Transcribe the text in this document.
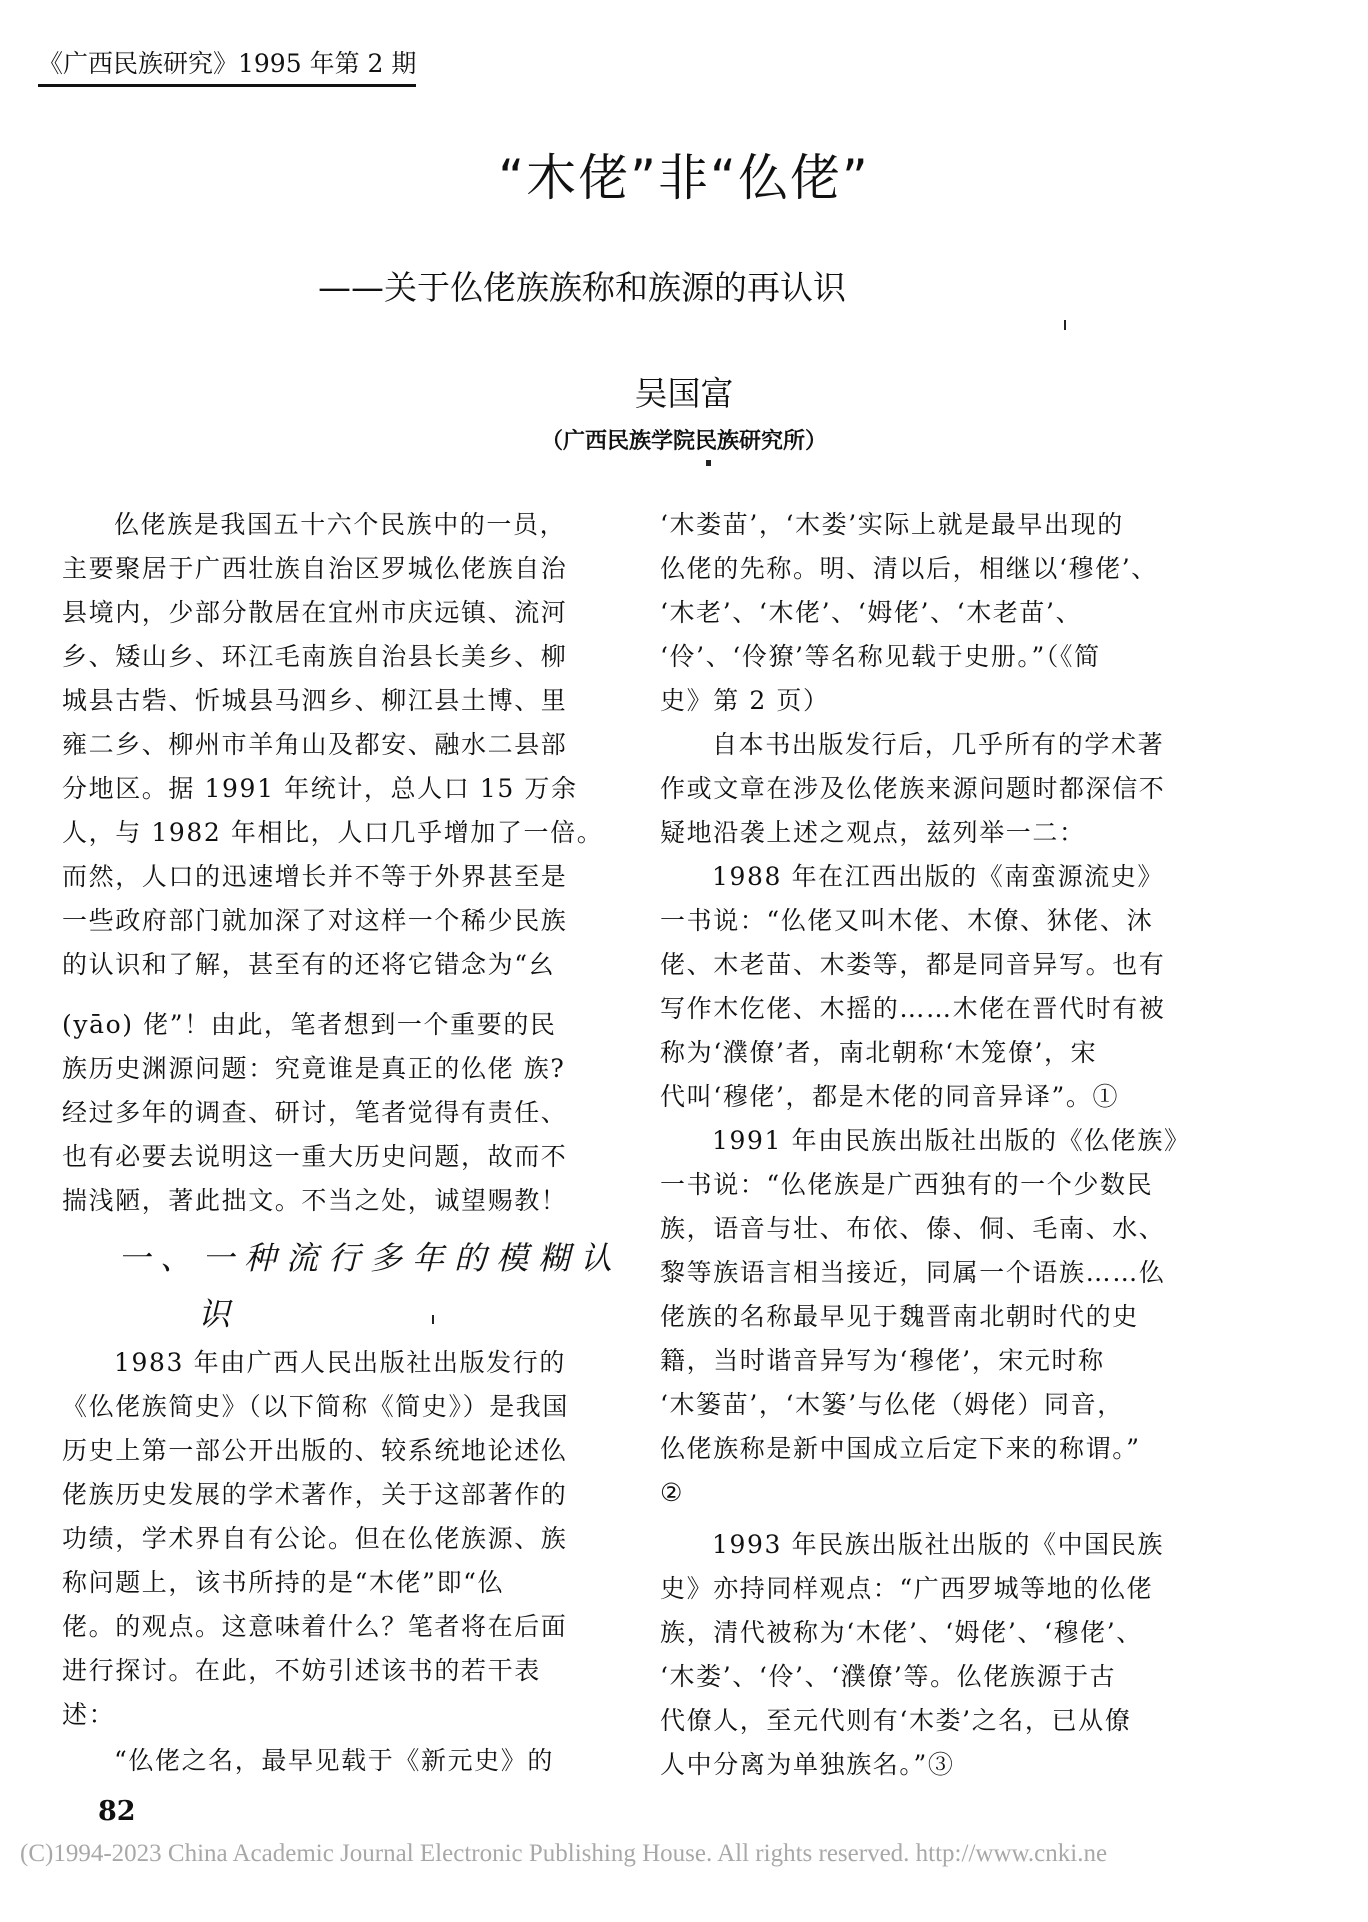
《广西民族研究》1995 年第 2 期
“木佬”非“仫佬”
——关于仫佬族族称和族源的再认识
吴国富
（广西民族学院民族研究所）
仫佬族是我国五十六个民族中的一员，
主要聚居于广西壮族自治区罗城仫佬族自治
县境内，少部分散居在宜州市庆远镇、流河
乡、矮山乡、环江毛南族自治县长美乡、柳
城县古砦、忻城县马泗乡、柳江县土博、里
雍二乡、柳州市羊角山及都安、融水二县部
分地区。据 1991 年统计，总人口 15 万余
人，与 1982 年相比，人口几乎增加了一倍。
而然，人口的迅速增长并不等于外界甚至是
一些政府部门就加深了对这样一个稀少民族
的认识和了解，甚至有的还将它错念为“幺
(yāo) 佬”！由此，笔者想到一个重要的民
族历史渊源问题：究竟谁是真正的仫佬 族?
经过多年的调查、研讨，笔者觉得有责任、
也有必要去说明这一重大历史问题，故而不
揣浅陋，著此拙文。不当之处，诚望赐教！
一、一种流行多年的模糊认
识
1983 年由广西人民出版社出版发行的
《仫佬族简史》（以下简称《简史》）是我国
历史上第一部公开出版的、较系统地论述仫
佬族历史发展的学术著作，关于这部著作的
功绩，学术界自有公论。但在仫佬族源、族
称问题上，该书所持的是“木佬”即“仫
佬。的观点。这意味着什么？笔者将在后面
进行探讨。在此，不妨引述该书的若干表
述：
“仫佬之名，最早见载于《新元史》的
‘木娄苗’，‘木娄’实际上就是最早出现的
仫佬的先称。明、清以后，相继以‘穆佬’、
‘木老’、‘木佬’、‘姆佬’、‘木老苗’、
‘伶’、‘伶獠’等名称见载于史册。”（《简
史》第 2 页）
自本书出版发行后，几乎所有的学术著
作或文章在涉及仫佬族来源问题时都深信不
疑地沿袭上述之观点，兹列举一二：
1988 年在江西出版的《南蛮源流史》
一书说：“仫佬又叫木佬、木僚、狇佬、沐
佬、木老苗、木娄等，都是同音异写。也有
写作木仡佬、木摇的……木佬在晋代时有被
称为‘濮僚’者，南北朝称‘木笼僚’，宋
代叫‘穆佬’，都是木佬的同音异译”。①
1991 年由民族出版社出版的《仫佬族》
一书说：“仫佬族是广西独有的一个少数民
族，语音与壮、布依、傣、侗、毛南、水、
黎等族语言相当接近，同属一个语族……仫
佬族的名称最早见于魏晋南北朝时代的史
籍，当时谐音异写为‘穆佬’，宋元时称
‘木篓苗’，‘木篓’与仫佬（姆佬）同音，
仫佬族称是新中国成立后定下来的称谓。”
②
1993 年民族出版社出版的《中国民族
史》亦持同样观点：“广西罗城等地的仫佬
族，清代被称为‘木佬’、‘姆佬’、‘穆佬’、
‘木娄’、‘伶’、‘濮僚’等。仫佬族源于古
代僚人，至元代则有‘木娄’之名，已从僚
人中分离为单独族名。”③
82
(C)1994-2023 China Academic Journal Electronic Publishing House. All rights reserved. http://www.cnki.ne
